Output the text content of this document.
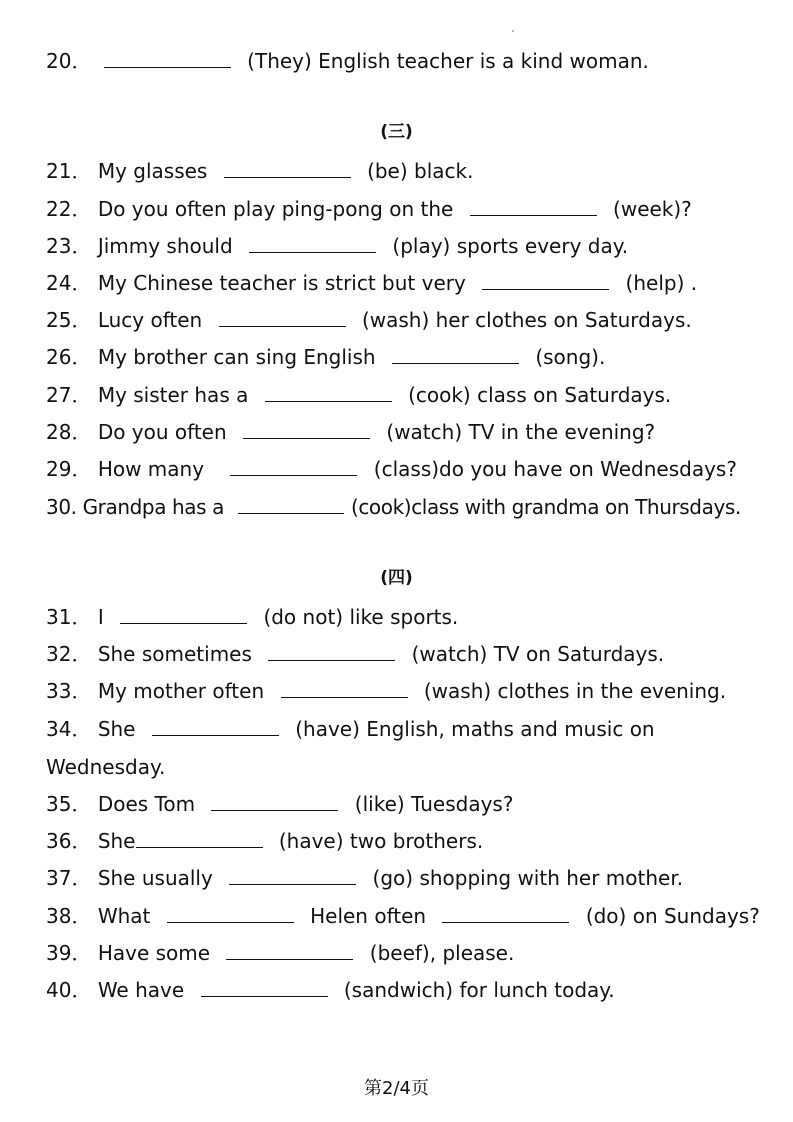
20．	(They) English teacher is a kind woman.
(三)
21． My glasses	(be) black.
22． Do you often play ping-pong on the	(week)?
23． Jimmy should	(play) sports every day.
24． My Chinese teacher is strict but very	(help) .
25． Lucy often	(wash) her clothes on Saturdays.
26． My brother can sing English	(song).
27． My sister has a	(cook) class on Saturdays.
28． Do you often	(watch) TV in the evening?
29． How many	(class)do you have on Wednesdays?
30. Grandpa has a	(cook)class with grandma on Thursdays.
(四)
31． I	(do not) like sports.
32． She sometimes	(watch) TV on Saturdays.
33． My mother often	(wash) clothes in the evening.
34． She	(have) English, maths and music on
Wednesday.
35． Does Tom	(like) Tuesdays?
36． She	(have) two brothers.
37． She usually	(go) shopping with her mother.
38． What	Helen often	(do) on Sundays?
39． Have some	(beef), please.
40． We have	(sandwich) for lunch today.
第2/4页
